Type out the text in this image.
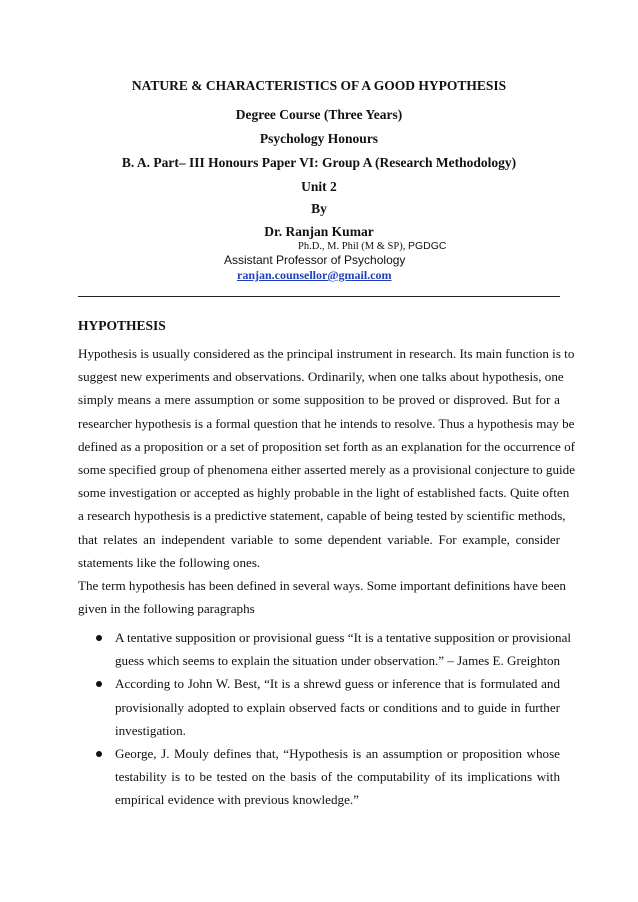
NATURE & CHARACTERISTICS OF A GOOD HYPOTHESIS
Degree Course (Three Years)
Psychology Honours
B. A. Part– III Honours Paper VI: Group A (Research Methodology)
Unit 2
By
Dr. Ranjan Kumar
Ph.D., M. Phil (M & SP), PGDGC
Assistant Professor of Psychology
ranjan.counsellor@gmail.com
HYPOTHESIS
Hypothesis is usually considered as the principal instrument in research. Its main function is to
suggest new experiments and observations. Ordinarily, when one talks about hypothesis, one
simply means a mere assumption or some supposition to be proved or disproved. But for a
researcher hypothesis is a formal question that he intends to resolve. Thus a hypothesis may be
defined as a proposition or a set of proposition set forth as an explanation for the occurrence of
some specified group of phenomena either asserted merely as a provisional conjecture to guide
some investigation or accepted as highly probable in the light of established facts. Quite often
a research hypothesis is a predictive statement, capable of being tested by scientific methods,
that relates an independent variable to some dependent variable. For example, consider
statements like the following ones.
The term hypothesis has been defined in several ways. Some important definitions have been
given in the following paragraphs
A tentative supposition or provisional guess “It is a tentative supposition or provisional
guess which seems to explain the situation under observation.” – James E. Greighton
According to John W. Best, “It is a shrewd guess or inference that is formulated and
provisionally adopted to explain observed facts or conditions and to guide in further
investigation.
George, J. Mouly defines that, “Hypothesis is an assumption or proposition whose
testability is to be tested on the basis of the computability of its implications with
empirical evidence with previous knowledge.”
